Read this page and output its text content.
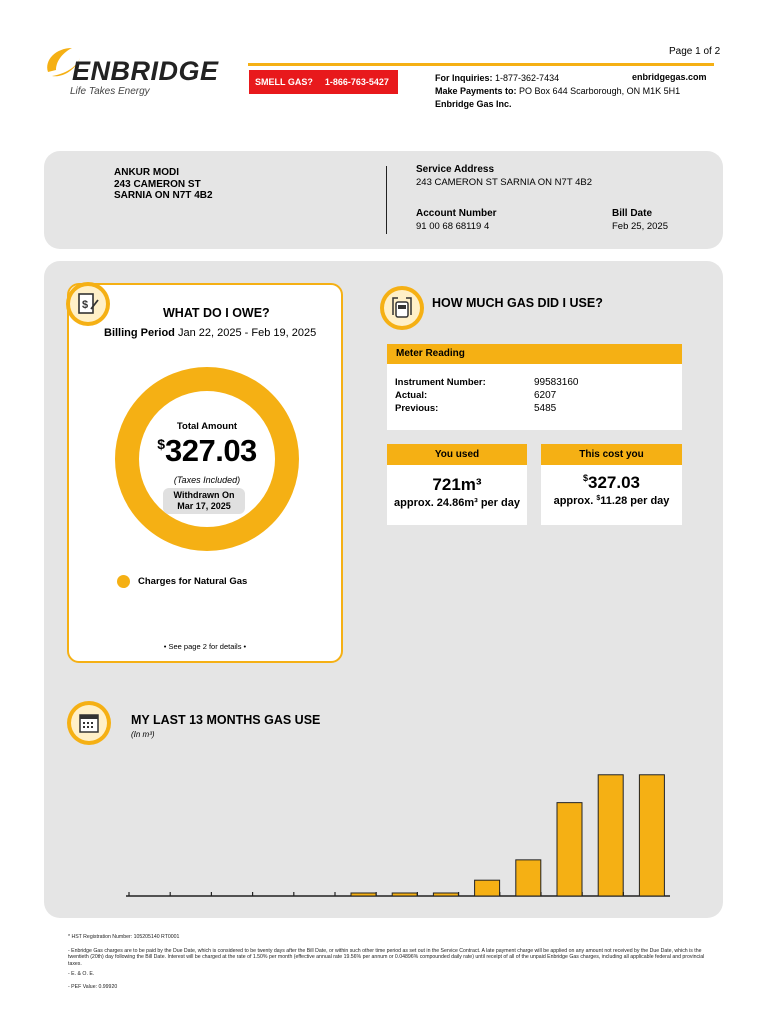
ENBRIDGE
Life Takes Energy
Page 1 of 2
SMELL GAS? 1-866-763-5427	For Inquiries: 1-877-362-7434
Make Payments to: PO Box 644 Scarborough, ON M1K 5H1
Enbridge Gas Inc.
enbridgegas.com
ANKUR MODI
243 CAMERON ST
SARNIA ON N7T 4B2
Service Address
243 CAMERON ST SARNIA ON N7T 4B2
Account Number
91 00 68 68119 4
Bill Date
Feb 25, 2025
$
WHAT DO I OWE?
Billing Period Jan 22, 2025 - Feb 19, 2025
Total Amount
$327.03
(Taxes Included)
Withdrawn On
Mar 17, 2025
Charges for Natural Gas
• See page 2 for details •
HOW MUCH GAS DID I USE?
Meter Reading
Instrument Number:
Actual:
Previous:
99583160
6207
5485
You used
721m³
approx. 24.86m³ per day
This cost you
$327.03
approx. $11.28 per day
MY LAST 13 MONTHS GAS USE
(In m³)
* HST Registration Number: 105205140 RT0001
- Enbridge Gas charges are to be paid by the Due Date, which is considered to be twenty days after the Bill Date, or within such other time period as set out in the Service Contract. A late payment charge will be applied on any amount not received by the Due Date, which is the twentieth (20th) day following the Bill Date. Interest will be charged at the rate of 1.50% per month (effective annual rate 19.56% per annum or 0.04896% compounded daily rate) until receipt of all of the unpaid Enbridge Gas charges, including all applicable federal and provincial taxes.
- E. & O. E.
- PEF Value: 0.99920
